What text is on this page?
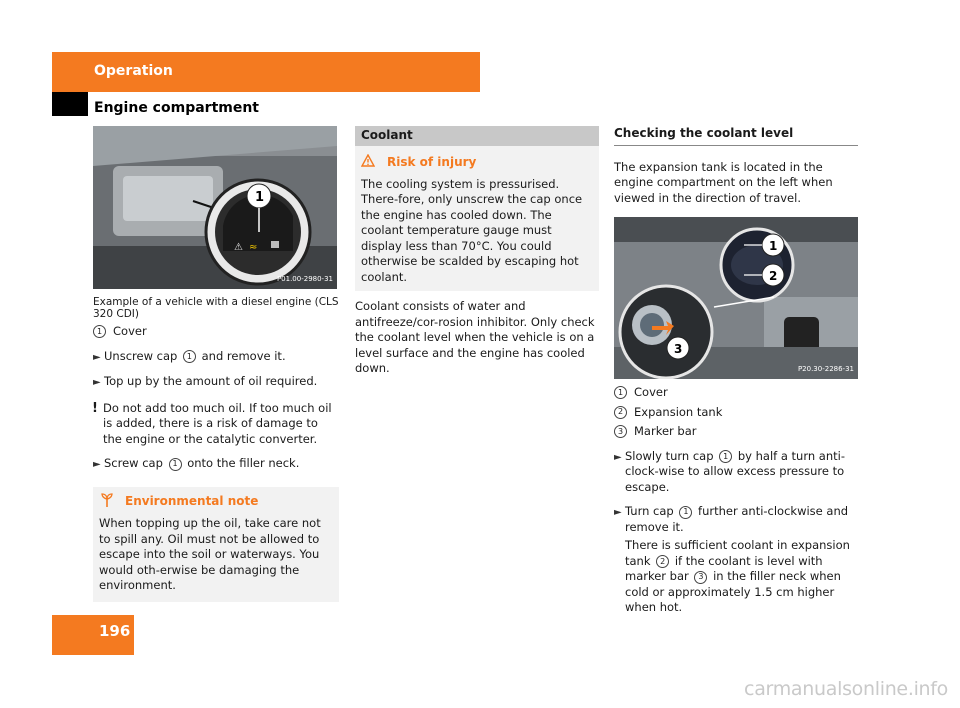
Operation
Engine compartment
⚠ ≈
1
P01.00-2980-31
Example of a vehicle with a diesel engine (CLS 320 CDI)
1 Cover
► Unscrew cap 1 and remove it.
► Top up by the amount of oil required.
! Do not add too much oil. If too much oil is added, there is a risk of damage to the engine or the catalytic converter.
► Screw cap 1 onto the filler neck.
Environmental note
When topping up the oil, take care not to spill any. Oil must not be allowed to escape into the soil or waterways. You would oth-erwise be damaging the environment.
Coolant
Risk of injury
The cooling system is pressurised. There-fore, only unscrew the cap once the engine has cooled down. The coolant temperature gauge must display less than 70°C. You could otherwise be scalded by escaping hot coolant.
Coolant consists of water and antifreeze/cor-rosion inhibitor. Only check the coolant level when the vehicle is on a level surface and the engine has cooled down.
Checking the coolant level
The expansion tank is located in the engine compartment on the left when viewed in the direction of travel.
1
2
3
P20.30-2286-31
1 Cover
2 Expansion tank
3 Marker bar
► Slowly turn cap 1 by half a turn anti-clock-wise to allow excess pressure to escape.
► Turn cap 1 further anti-clockwise and remove it.
There is sufficient coolant in expansion tank 2 if the coolant is level with marker bar 3 in the filler neck when cold or approximately 1.5 cm higher when hot.
196
carmanualsonline.info
